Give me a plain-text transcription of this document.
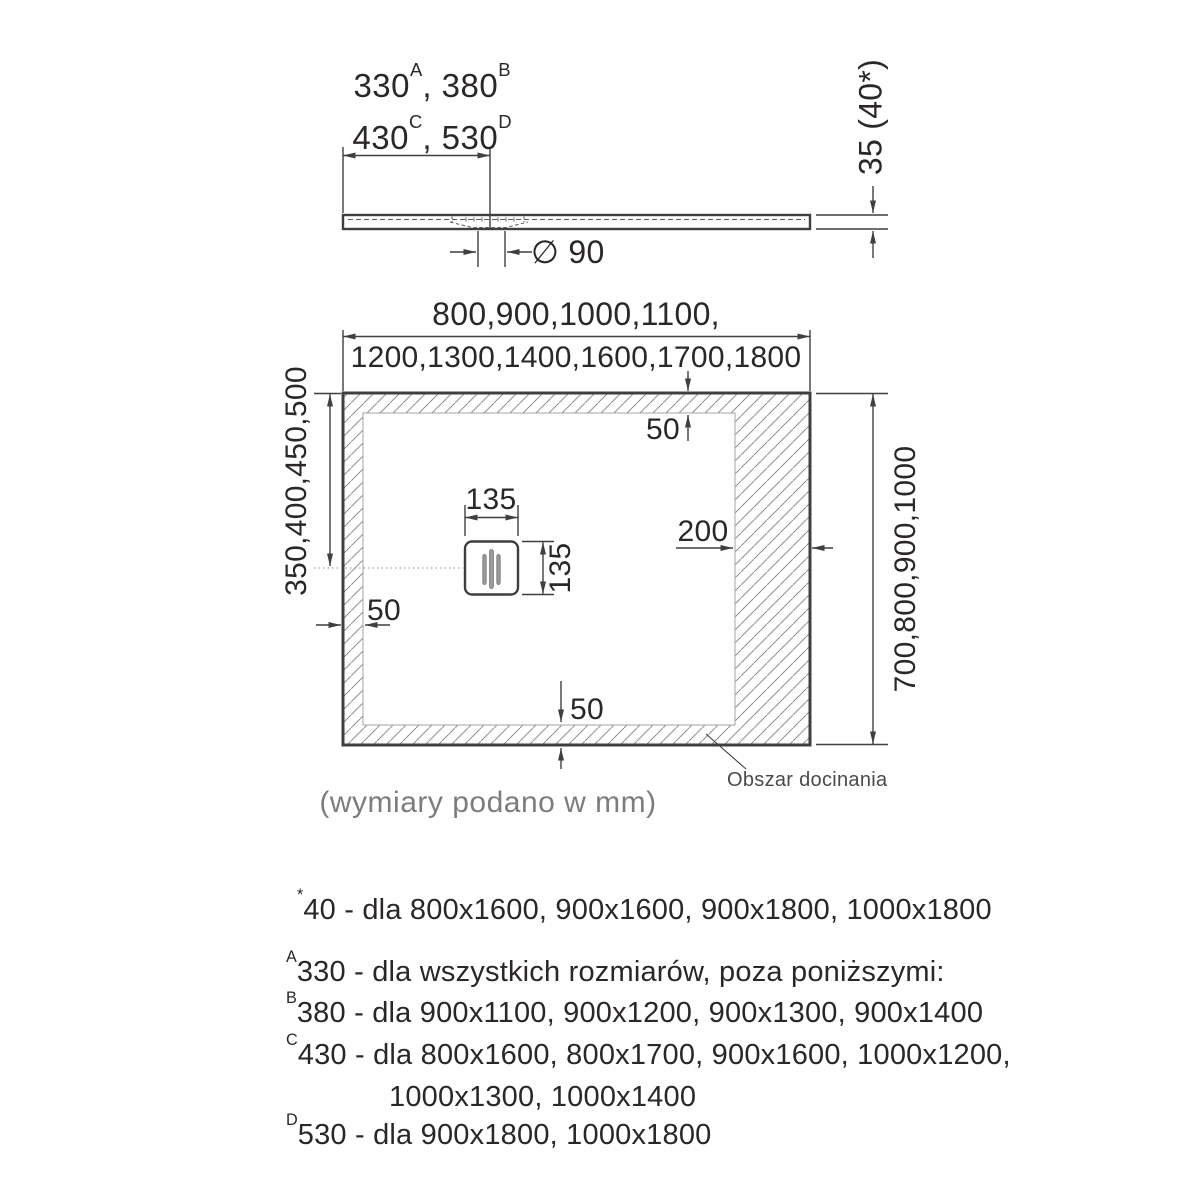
$330^A$, $380^B$
$430^C$, $530^D$	35 (40*)
∅ 90
800,900,1000,1100,
1200,1300,1400,1600,1700,1800
350,400,450,500	700,800,900,1000
50
50
50
200
135
135
Obszar docinania
(wymiary podano w mm)
*40 - dla 800x1600, 900x1600, 900x1800, 1000x1800
$^A$330 - dla wszystkich rozmiarów, poza poniższymi:
$^B$380 - dla 900x1100, 900x1200, 900x1300, 900x1400
$^C$430 - dla 800x1600, 800x1700, 900x1600, 1000x1200,
1000x1300, 1000x1400
$^D$530 - dla 900x1800, 1000x1800
